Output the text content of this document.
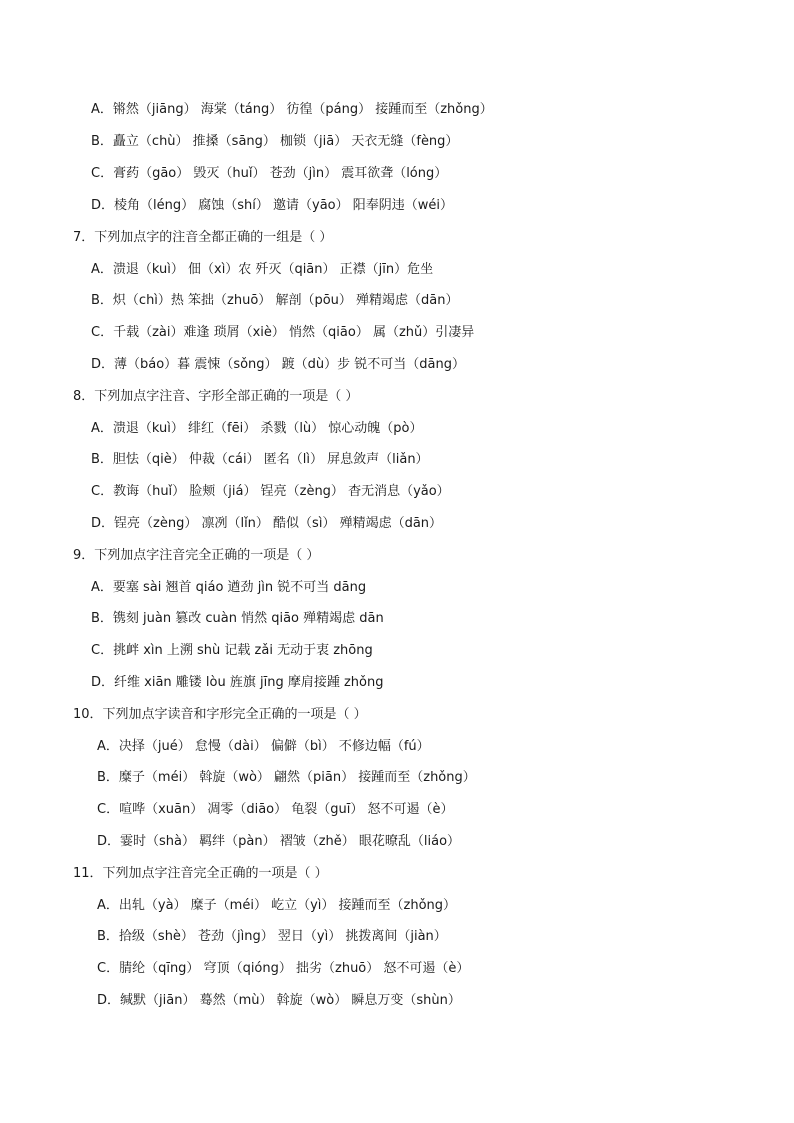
A．锵然（jiāng） 海棠（táng） 彷徨（páng） 接踵而至（zhǒng）
B．矗立（chù） 推搡（sāng） 枷锁（jiā） 天衣无缝（fèng）
C．膏药（gāo） 毁灭（huǐ） 苍劲（jìn） 震耳欲聋（lóng）
D．棱角（léng） 腐蚀（shí） 邀请（yāo） 阳奉阴违（wéi）
7．下列加点字的注音全都正确的一组是（ ）
A．溃退（kuì） 佃（xì）农 歼灭（qiān） 正襟（jīn）危坐
B．炽（chì）热 笨拙（zhuō） 解剖（pōu） 殚精竭虑（dān）
C．千载（zài）难逢 琐屑（xiè） 悄然（qiāo） 属（zhǔ）引凄异
D．薄（báo）暮 震悚（sǒng） 踱（dù）步 锐不可当（dāng）
8．下列加点字注音、字形全部正确的一项是（ ）
A．溃退（kuì） 绯红（fēi） 杀戮（lù） 惊心动魄（pò）
B．胆怯（qiè） 仲裁（cái） 匿名（lì） 屏息敛声（liǎn）
C．教诲（huǐ） 脸颊（jiá） 锃亮（zèng） 杳无消息（yǎo）
D．锃亮（zèng） 凛冽（lǐn） 酷似（sì） 殚精竭虑（dān）
9．下列加点字注音完全正确的一项是（ ）
A．要塞 sài 翘首 qiáo 遒劲 jìn 锐不可当 dāng
B．镌刻 juàn 篡改 cuàn 悄然 qiāo 殚精竭虑 dān
C．挑衅 xìn 上溯 shù 记载 zǎi 无动于衷 zhōng
D．纤维 xiān 雕镂 lòu 旌旗 jīng 摩肩接踵 zhǒng
10．下列加点字读音和字形完全正确的一项是（ ）
A．决择（jué） 怠慢（dài） 偏僻（bì） 不修边幅（fú）
B．糜子（méi） 斡旋（wò） 翩然（piān） 接踵而至（zhǒng）
C．喧哗（xuān） 凋零（diāo） 龟裂（guī） 怒不可遏（è）
D．霎时（shà） 羁绊（pàn） 褶皱（zhě） 眼花暸乱（liáo）
11．下列加点字注音完全正确的一项是（ ）
A．出轧（yà） 糜子（méi） 屹立（yì） 接踵而至（zhǒng）
B．拾级（shè） 苍劲（jìng） 翌日（yì） 挑拨离间（jiàn）
C．腈纶（qīng） 穹顶（qióng） 拙劣（zhuō） 怒不可遏（è）
D．缄默（jiān） 蓦然（mù） 斡旋（wò） 瞬息万变（shùn）
